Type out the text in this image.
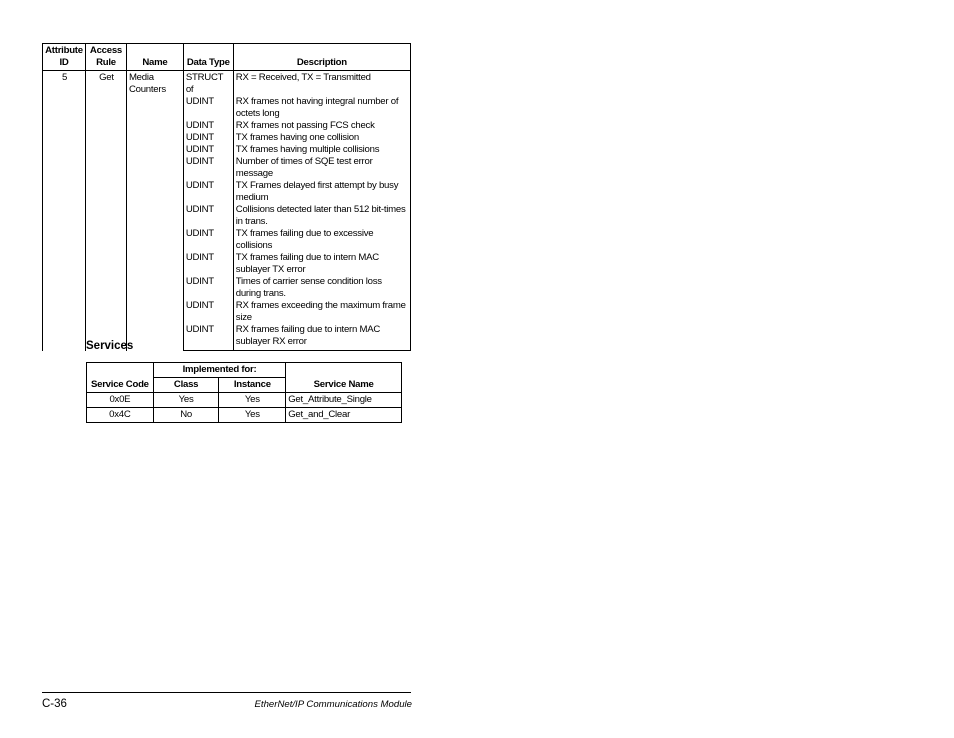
Attribute ID	Access Rule	Name	Data Type	Description
5	Get	Media Counters	STRUCT of	RX = Received, TX = Transmitted
			UDINT	RX frames not having integral number of octets long
			UDINT	RX frames not passing FCS check
			UDINT	TX frames having one collision
			UDINT	TX frames having multiple collisions
			UDINT	Number of times of SQE test error message
			UDINT	TX Frames delayed first attempt by busy medium
			UDINT	Collisions detected later than 512 bit-times in trans.
			UDINT	TX frames failing due to excessive collisions
			UDINT	TX frames failing due to intern MAC sublayer TX error
			UDINT	Times of carrier sense condition loss during trans.
			UDINT	RX frames exceeding the maximum frame size
			UDINT	RX frames failing due to intern MAC sublayer RX error
Services
Service Code	Implemented for:		Service Name
	Class	Instance	
0x0E	Yes	Yes	Get_Attribute_Single
0x4C	No	Yes	Get_and_Clear
C-36	EtherNet/IP Communications Module
